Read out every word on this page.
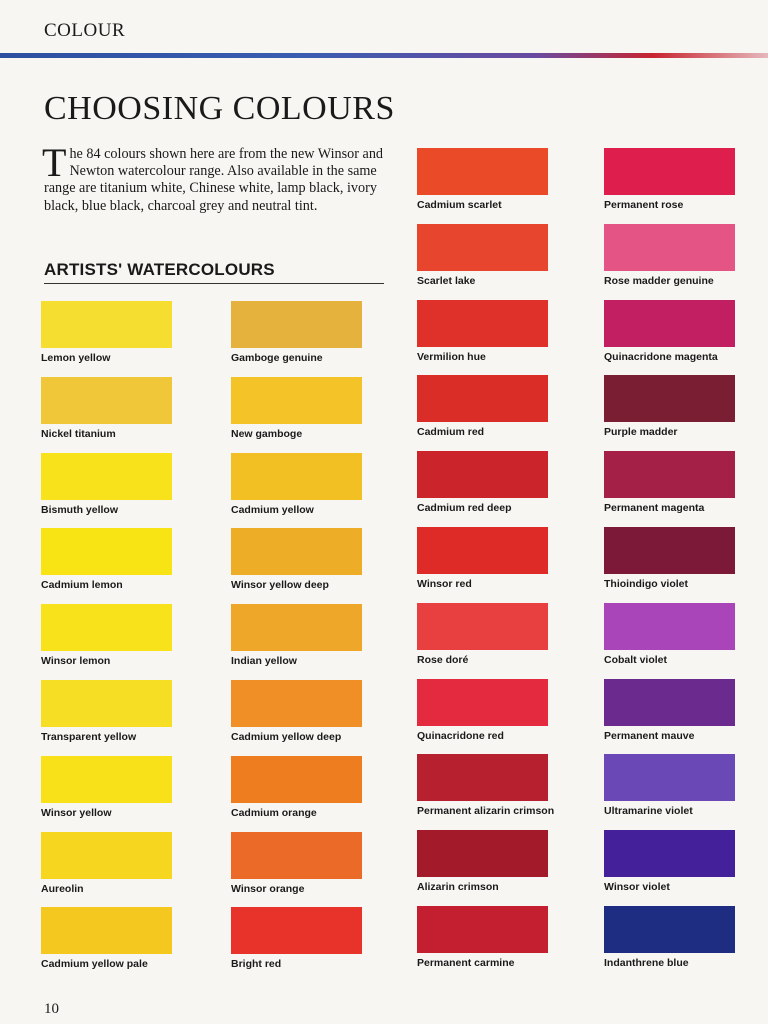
COLOUR
CHOOSING COLOURS

The 84 colours shown here are from the new Winsor and Newton watercolour range. Also available in the same range are titanium white, Chinese white, lamp black, ivory black, blue black, charcoal grey and neutral tint.

ARTISTS' WATERCOLOURS
Lemon yellow
Nickel titanium
Bismuth yellow
Cadmium lemon
Winsor lemon
Transparent yellow
Winsor yellow
Aureolin
Cadmium yellow pale
Gamboge genuine
New gamboge
Cadmium yellow
Winsor yellow deep
Indian yellow
Cadmium yellow deep
Cadmium orange
Winsor orange
Bright red
Cadmium scarlet
Scarlet lake
Vermilion hue
Cadmium red
Cadmium red deep
Winsor red
Rose doré
Quinacridone red
Permanent alizarin crimson
Alizarin crimson
Permanent carmine
Permanent rose
Rose madder genuine
Quinacridone magenta
Purple madder
Permanent magenta
Thioindigo violet
Cobalt violet
Permanent mauve
Ultramarine violet
Winsor violet
Indanthrene blue
10
